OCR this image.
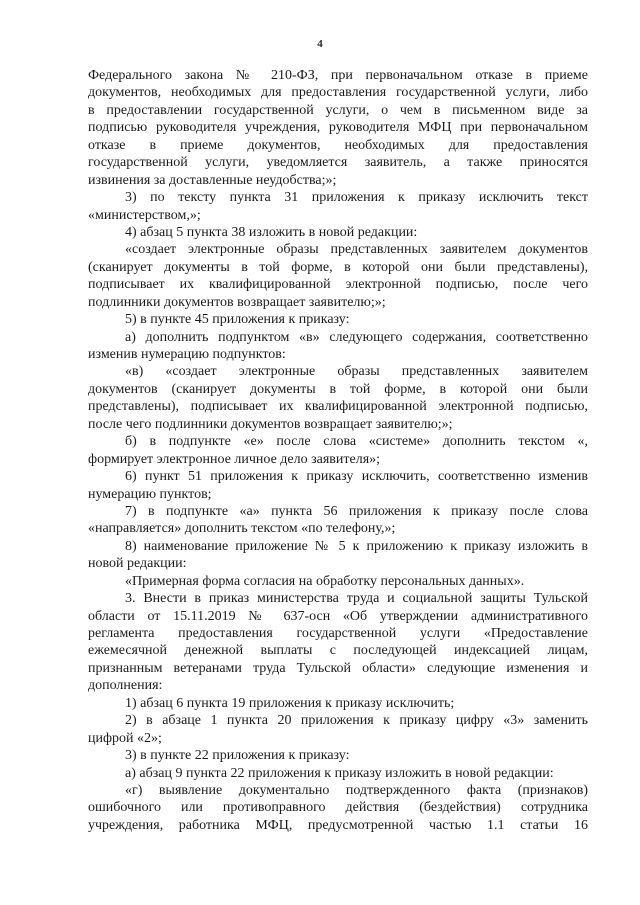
4
Федерального закона № 210-ФЗ, при первоначальном отказе в приеме
документов, необходимых для предоставления государственной услуги, либо
в предоставлении государственной услуги, о чем в письменном виде за
подписью руководителя учреждения, руководителя МФЦ при первоначальном
отказе в приеме документов, необходимых для предоставления
государственной услуги, уведомляется заявитель, а также приносятся
извинения за доставленные неудобства;»;
3) по тексту пункта 31 приложения к приказу исключить текст
«министерством,»;
4) абзац 5 пункта 38 изложить в новой редакции:
«создает электронные образы представленных заявителем документов
(сканирует документы в той форме, в которой они были представлены),
подписывает их квалифицированной электронной подписью, после чего
подлинники документов возвращает заявителю;»;
5) в пункте 45 приложения к приказу:
а) дополнить подпунктом «в» следующего содержания, соответственно
изменив нумерацию подпунктов:
«в) «создает электронные образы представленных заявителем
документов (сканирует документы в той форме, в которой они были
представлены), подписывает их квалифицированной электронной подписью,
после чего подлинники документов возвращает заявителю;»;
б) в подпункте «е» после слова «системе» дополнить текстом «,
формирует электронное личное дело заявителя»;
6) пункт 51 приложения к приказу исключить, соответственно изменив
нумерацию пунктов;
7) в подпункте «а» пункта 56 приложения к приказу после слова
«направляется» дополнить текстом «по телефону,»;
8) наименование приложение № 5 к приложению к приказу изложить в
новой редакции:
«Примерная форма согласия на обработку персональных данных».
3. Внести в приказ министерства труда и социальной защиты Тульской
области от 15.11.2019 № 637-осн «Об утверждении административного
регламента предоставления государственной услуги «Предоставление
ежемесячной денежной выплаты с последующей индексацией лицам,
признанным ветеранами труда Тульской области» следующие изменения и
дополнения:
1) абзац 6 пункта 19 приложения к приказу исключить;
2) в абзаце 1 пункта 20 приложения к приказу цифру «3» заменить
цифрой «2»;
3) в пункте 22 приложения к приказу:
а) абзац 9 пункта 22 приложения к приказу изложить в новой редакции:
«г) выявление документально подтвержденного факта (признаков)
ошибочного или противоправного действия (бездействия) сотрудника
учреждения, работника МФЦ, предусмотренной частью 1.1 статьи 16
